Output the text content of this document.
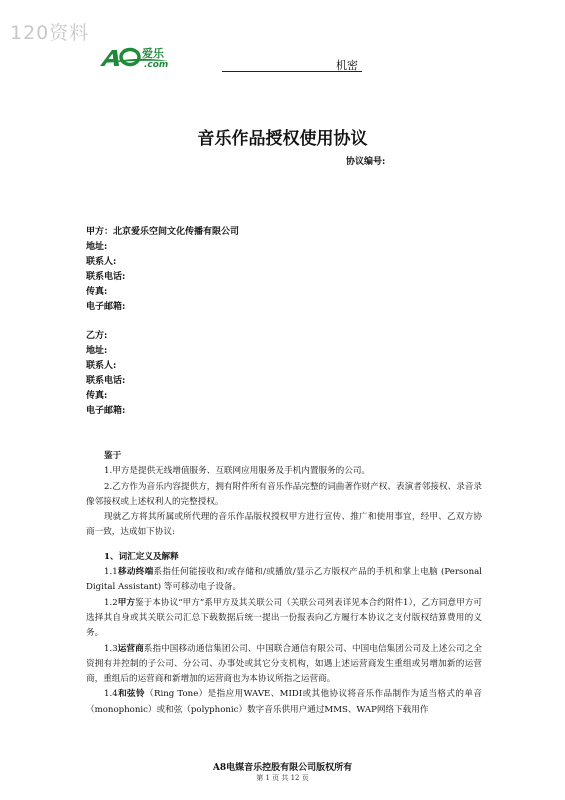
120资料
爱乐
.com	机密
音乐作品授权使用协议
协议编号:
甲方：北京爱乐空间文化传播有限公司
地址:
联系人:
联系电话:
传真:
电子邮箱:
乙方:
地址:
联系人:
联系电话:
传真:
电子邮箱:
鉴于
1.甲方是提供无线增值服务、互联网应用服务及手机内置服务的公司。
2.乙方作为音乐内容提供方，拥有附件所有音乐作品完整的词曲著作财产权、表演者邻接权、录音录像邻接权或上述权利人的完整授权。
现就乙方将其所属或所代理的音乐作品版权授权甲方进行宣传、推广和使用事宜，经甲、乙双方协商一致，达成如下协议:
1、词汇定义及解释
1.1移动终端系指任何能接收和/或存储和/或播放/显示乙方版权产品的手机和掌上电脑 (Personal Digital Assistant) 等可移动电子设备。
1.2甲方鉴于本协议“甲方”系甲方及其关联公司（关联公司列表详见本合约附件1），乙方同意甲方可选择其自身或其关联公司汇总下载数据后统一提出一份报表向乙方履行本协议之支付版权结算费用的义务。
1.3运营商系指中国移动通信集团公司、中国联合通信有限公司、中国电信集团公司及上述公司之全资拥有并控制的子公司、分公司、办事处或其它分支机构，如遇上述运营商发生重组或另增加新的运营商，重组后的运营商和新增加的运营商也为本协议所指之运营商。
1.4和弦铃（Ring Tone）是指应用WAVE、MIDI或其他协议将音乐作品制作为适当格式的单音（monophonic）或和弦（polyphonic）数字音乐供用户通过MMS、WAP网络下载用作
A8电媒音乐控股有限公司版权所有
第 1 页 共 12 页
